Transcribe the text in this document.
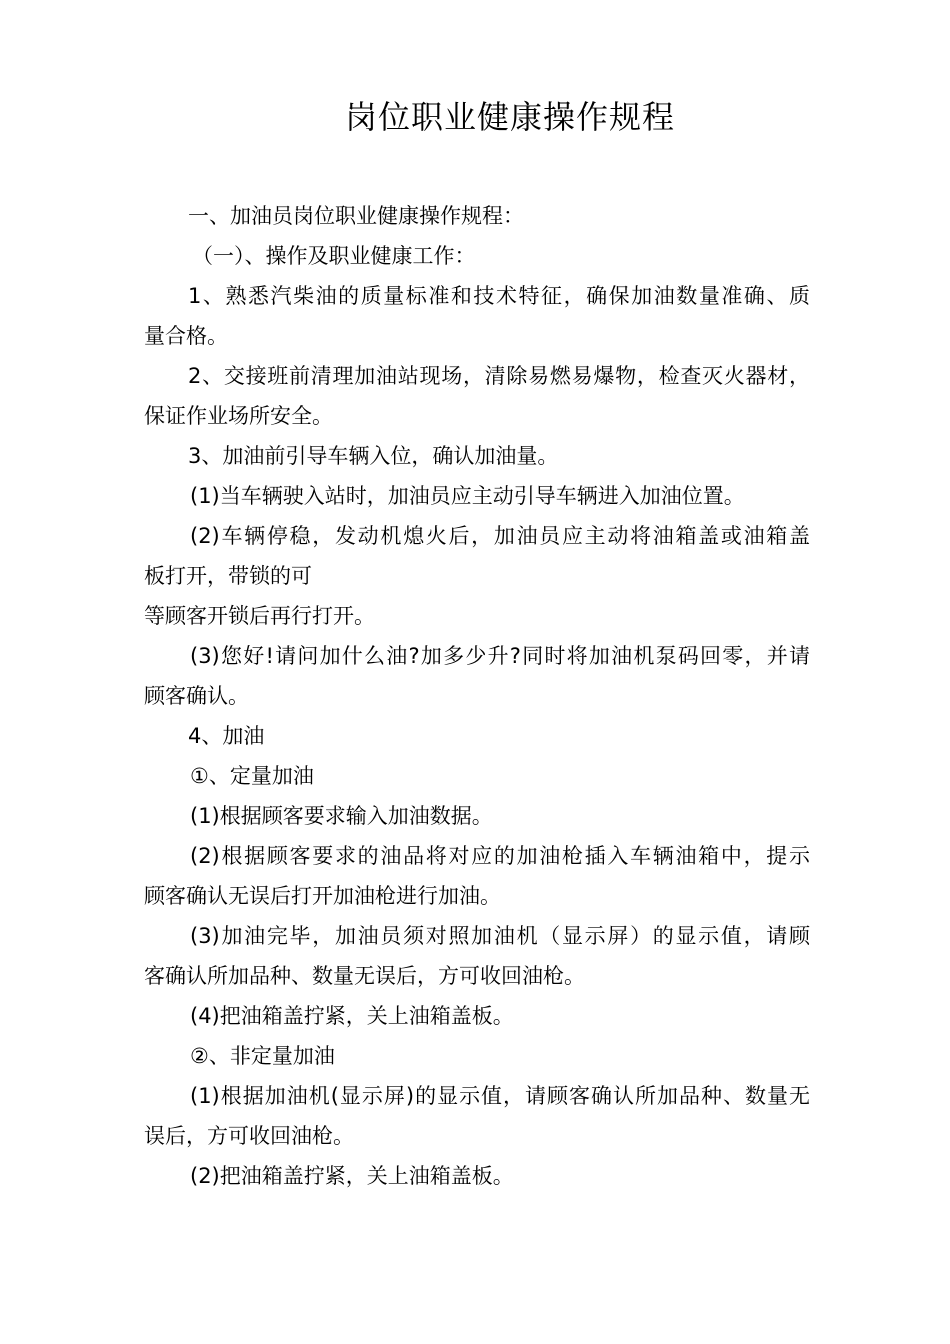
岗位职业健康操作规程
一、加油员岗位职业健康操作规程：
（一）、操作及职业健康工作：
1、熟悉汽柴油的质量标准和技术特征，确保加油数量准确、质
量合格。
2、交接班前清理加油站现场，清除易燃易爆物，检查灭火器材，
保证作业场所安全。
3、加油前引导车辆入位，确认加油量。
(1)当车辆驶入站时，加油员应主动引导车辆进入加油位置。
(2)车辆停稳，发动机熄火后，加油员应主动将油箱盖或油箱盖
板打开，带锁的可
等顾客开锁后再行打开。
(3)您好!请问加什么油?加多少升?同时将加油机泵码回零，并请
顾客确认。
4、加油
①、定量加油
(1)根据顾客要求输入加油数据。
(2)根据顾客要求的油品将对应的加油枪插入车辆油箱中，提示
顾客确认无误后打开加油枪进行加油。
(3)加油完毕，加油员须对照加油机（显示屏）的显示值，请顾
客确认所加品种、数量无误后，方可收回油枪。
(4)把油箱盖拧紧，关上油箱盖板。
②、非定量加油
(1)根据加油机(显示屏)的显示值，请顾客确认所加品种、数量无
误后，方可收回油枪。
(2)把油箱盖拧紧，关上油箱盖板。
